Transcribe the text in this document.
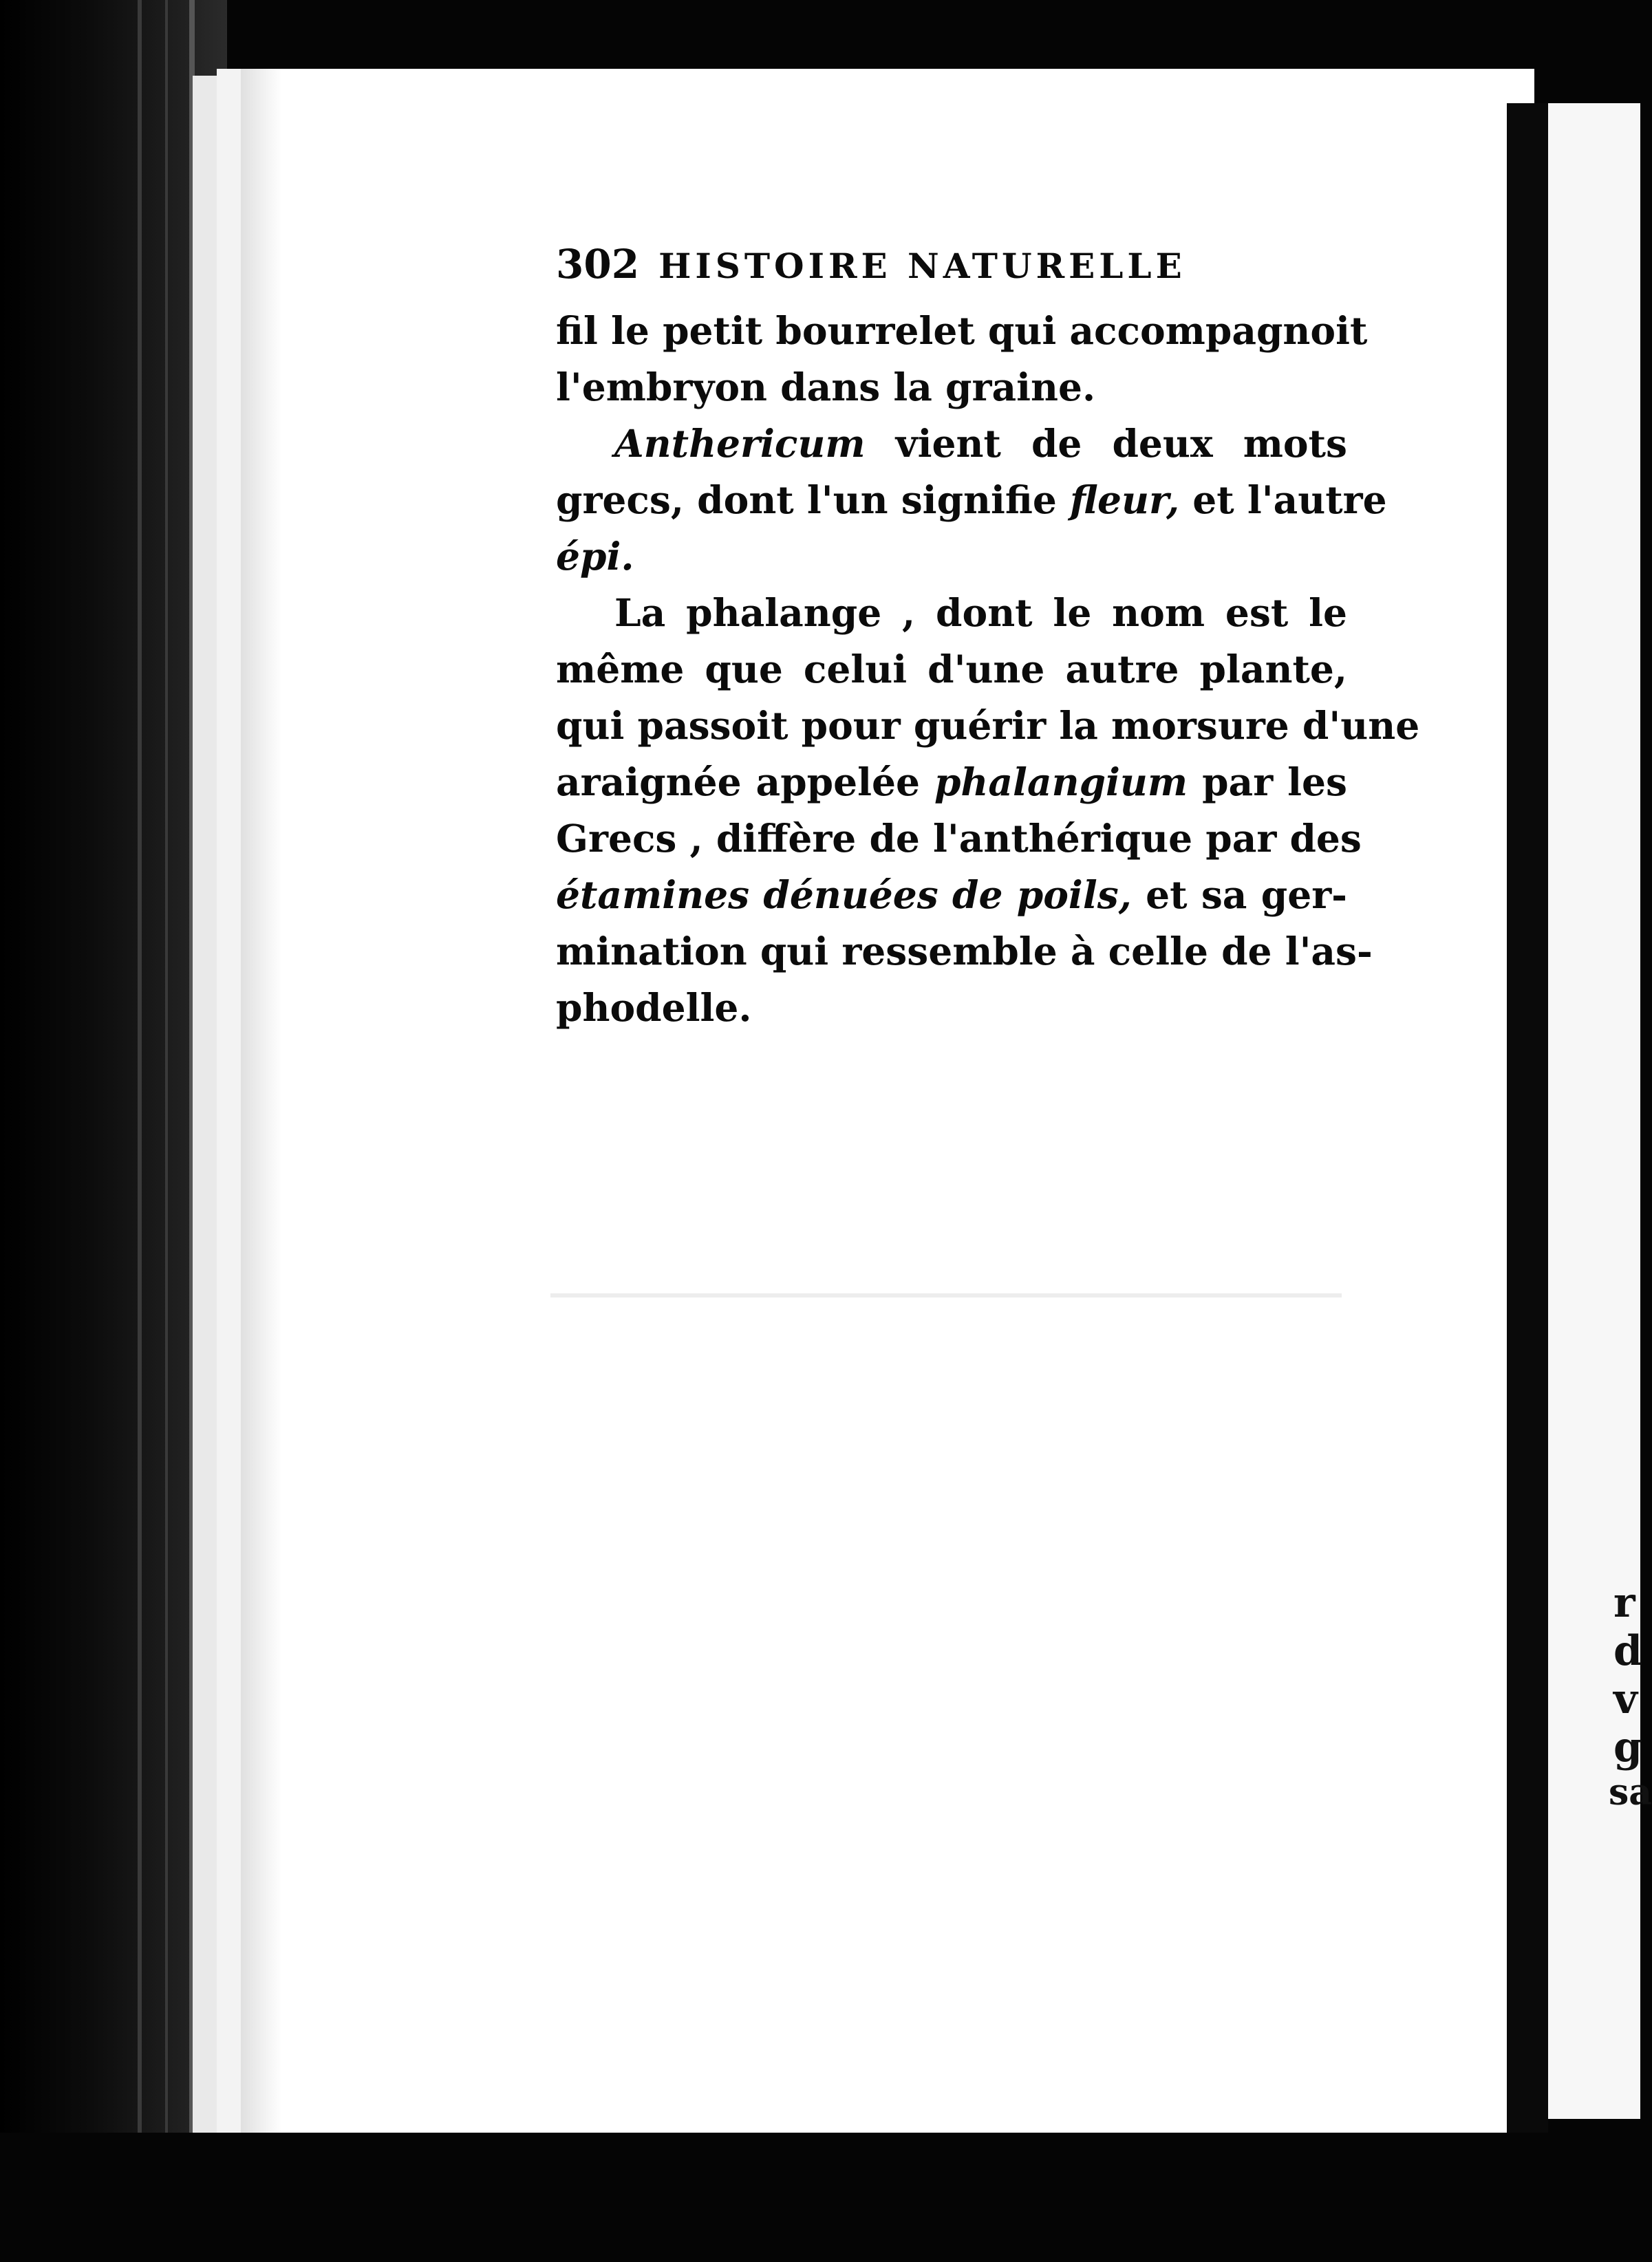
r
d
v
g
sa
302 HISTOIRE NATURELLE
fil le petit bourrelet qui accompagnoit
l'embryon dans la graine.
Anthericum vient de deux mots
grecs, dont l'un signifie fleur, et l'autre
épi.
La phalange , dont le nom est le
même que celui d'une autre plante,
qui passoit pour guérir la morsure d'une
araignée appelée phalangium par les
Grecs , diffère de l'anthérique par des
étamines dénuées de poils, et sa ger-
mination qui ressemble à celle de l'as-
phodelle.
